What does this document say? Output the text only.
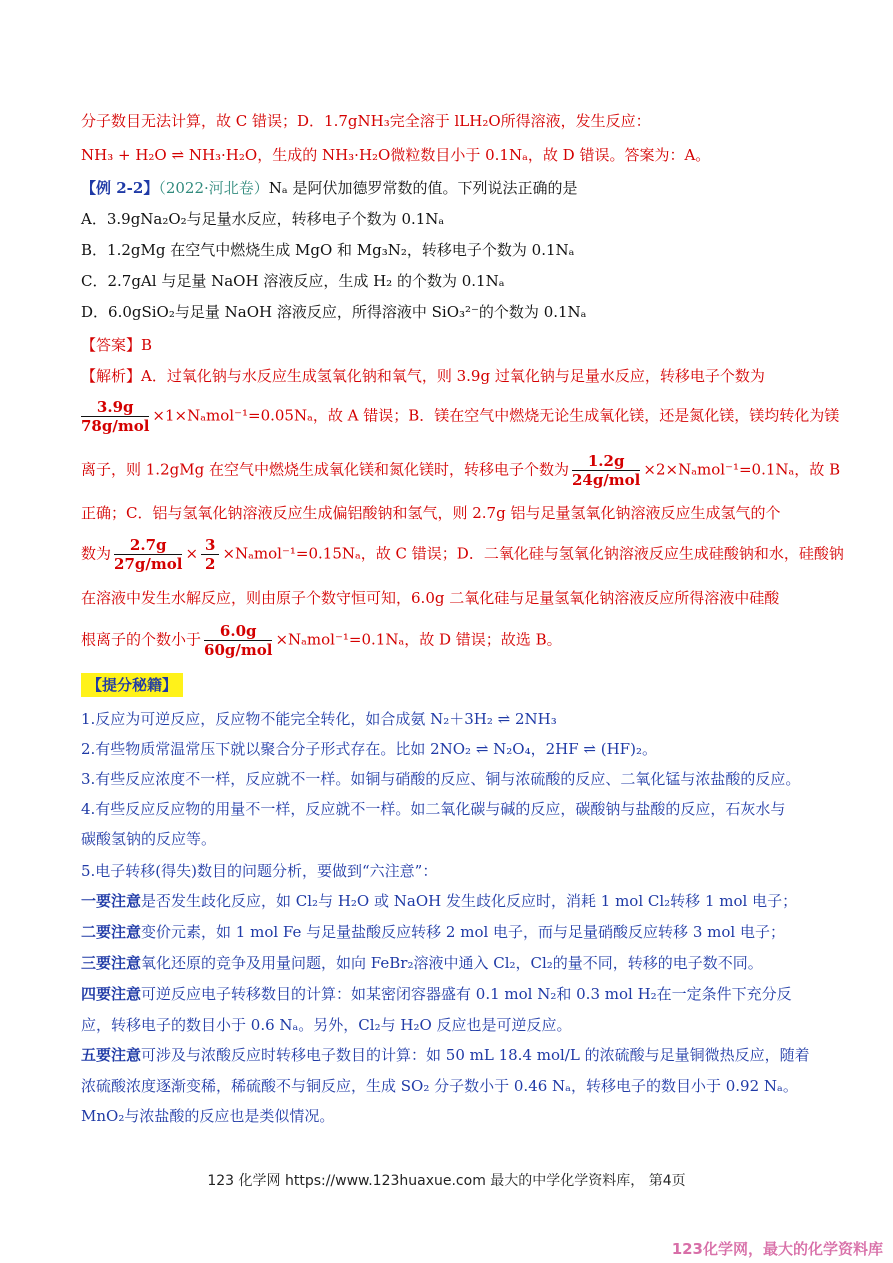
分子数目无法计算，故 C 错误；D．1.7gNH₃完全溶于 lLH₂O所得溶液，发生反应：
NH₃ + H₂O ⇌ NH₃·H₂O，生成的 NH₃·H₂O微粒数目小于 0.1Nₐ，故 D 错误。答案为：A。
【例 2-2】（2022·河北卷）Nₐ 是阿伏加德罗常数的值。下列说法正确的是
A．3.9gNa₂O₂与足量水反应，转移电子个数为 0.1Nₐ
B．1.2gMg 在空气中燃烧生成 MgO 和 Mg₃N₂，转移电子个数为 0.1Nₐ
C．2.7gAl 与足量 NaOH 溶液反应，生成 H₂ 的个数为 0.1Nₐ
D．6.0gSiO₂与足量 NaOH 溶液反应，所得溶液中 SiO₃²⁻的个数为 0.1Nₐ
【答案】B
【解析】A．过氧化钠与水反应生成氢氧化钠和氧气，则 3.9g 过氧化钠与足量水反应，转移电子个数为
$\frac{3.9g}{\text{78g/mol}} \times 1\times N_amol^{-1}=0.05N_a$，故 A 错误；B．镁在空气中燃烧无论生成氧化镁，还是氮化镁，镁均转化为镁
离子，则 1.2gMg 在空气中燃烧生成氧化镁和氮化镁时，转移电子个数为 $\frac{1.2g}{\text{24g/mol}} \times 2\times N_amol^{-1}=0.1N_a$，故 B
正确；C．铝与氢氧化钠溶液反应生成偏铝酸钠和氢气，则 2.7g 铝与足量氢氧化钠溶液反应生成氢气的个
数为 $\frac{2.7g}{\text{27g/mol}} \times \frac{3}{2} \times N_amol^{-1}=0.15N_a$，故 C 错误；D．二氧化硅与氢氧化钠溶液反应生成硅酸钠和水，硅酸钠
在溶液中发生水解反应，则由原子个数守恒可知，6.0g 二氧化硅与足量氢氧化钠溶液反应所得溶液中硅酸
根离子的个数小于 $\frac{6.0g}{\text{60g/mol}} \times N_amol^{-1}=0.1N_a$，故 D 错误；故选 B。
【提分秘籍】
1.反应为可逆反应，反应物不能完全转化，如合成氨 N₂＋3H₂ ⇌ 2NH₃
2.有些物质常温常压下就以聚合分子形式存在。比如 2NO₂ ⇌ N₂O₄，2HF ⇌ (HF)₂。
3.有些反应浓度不一样，反应就不一样。如铜与硝酸的反应、铜与浓硫酸的反应、二氧化锰与浓盐酸的反应。
4.有些反应反应物的用量不一样，反应就不一样。如二氧化碳与碱的反应，碳酸钠与盐酸的反应，石灰水与
碳酸氢钠的反应等。
5.电子转移(得失)数目的问题分析，要做到“六注意”：
一要注意是否发生歧化反应，如 Cl₂与 H₂O 或 NaOH 发生歧化反应时，消耗 1 mol Cl₂转移 1 mol 电子；
二要注意变价元素，如 1 mol Fe 与足量盐酸反应转移 2 mol 电子，而与足量硝酸反应转移 3 mol 电子；
三要注意氧化还原的竞争及用量问题，如向 FeBr₂溶液中通入 Cl₂，Cl₂的量不同，转移的电子数不同。
四要注意可逆反应电子转移数目的计算：如某密闭容器盛有 0.1 mol N₂和 0.3 mol H₂在一定条件下充分反
应，转移电子的数目小于 0.6 Nₐ。另外，Cl₂与 H₂O 反应也是可逆反应。
五要注意可涉及与浓酸反应时转移电子数目的计算：如 50 mL 18.4 mol/L 的浓硫酸与足量铜微热反应，随着
浓硫酸浓度逐渐变稀，稀硫酸不与铜反应，生成 SO₂ 分子数小于 0.46 Nₐ，转移电子的数目小于 0.92 Nₐ。
MnO₂与浓盐酸的反应也是类似情况。
123 化学网 https://www.123huaxue.com 最大的中学化学资料库， 第4页
123化学网，最大的化学资料库
